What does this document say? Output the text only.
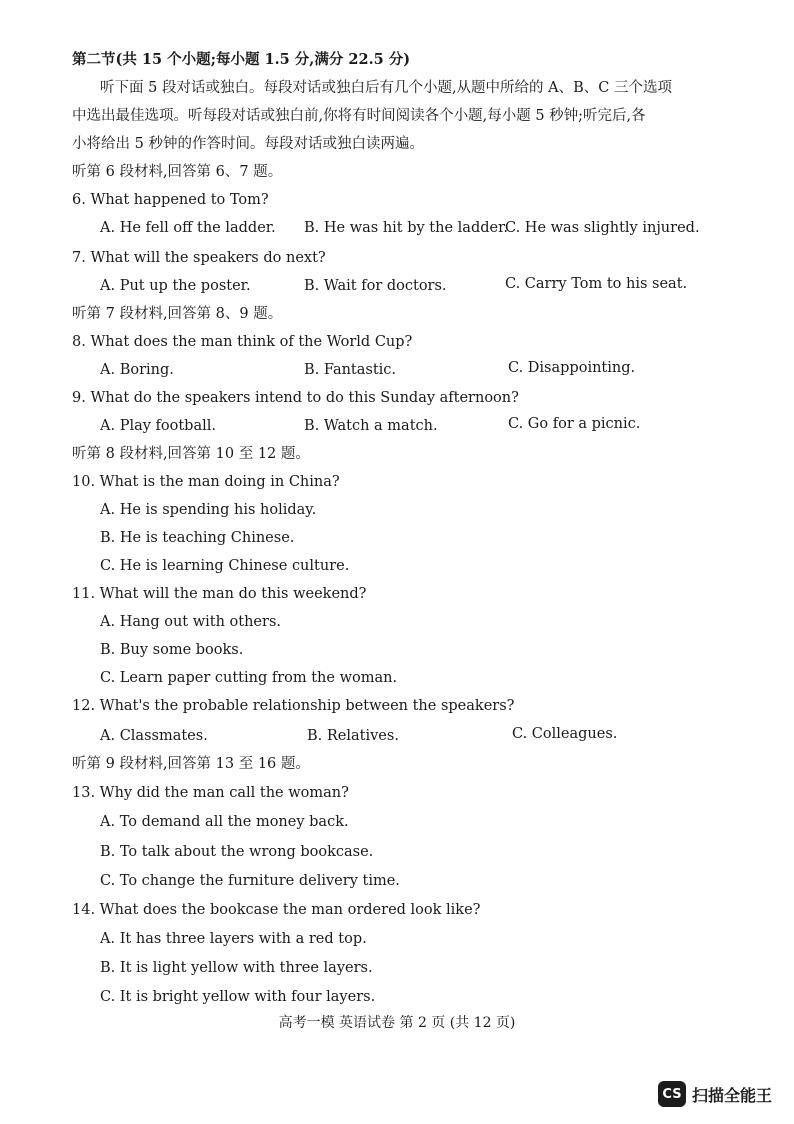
第二节(共 15 个小题;每小题 1.5 分,满分 22.5 分)
听下面 5 段对话或独白。每段对话或独白后有几个小题,从题中所给的 A、B、C 三个选项
中选出最佳选项。听每段对话或独白前,你将有时间阅读各个小题,每小题 5 秒钟;听完后,各
小将给出 5 秒钟的作答时间。每段对话或独白读两遍。
听第 6 段材料,回答第 6、7 题。
6. What happened to Tom?
A. He fell off the ladder. B. He was hit by the ladder.
C. He was slightly injured.
7. What will the speakers do next?
A. Put up the poster.	B. Wait for doctors.	C. Carry Tom to his seat.
听第 7 段材料,回答第 8、9 题。
8. What does the man think of the World Cup?
A. Boring.	B. Fantastic.	C. Disappointing.
9. What do the speakers intend to do this Sunday afternoon?
A. Play football.	B. Watch a match.	C. Go for a picnic.
听第 8 段材料,回答第 10 至 12 题。
10. What is the man doing in China?
A. He is spending his holiday.
B. He is teaching Chinese.
C. He is learning Chinese culture.
11. What will the man do this weekend?
A. Hang out with others.
B. Buy some books.
C. Learn paper cutting from the woman.
12. What's the probable relationship between the speakers?
A. Classmates.	B. Relatives.	C. Colleagues.
听第 9 段材料,回答第 13 至 16 题。
13. Why did the man call the woman?
A. To demand all the money back.
B. To talk about the wrong bookcase.
C. To change the furniture delivery time.
14. What does the bookcase the man ordered look like?
A. It has three layers with a red top.
B. It is light yellow with three layers.
C. It is bright yellow with four layers.
高考一模 英语试卷 第 2 页 (共 12 页)
CS 扫描全能王
